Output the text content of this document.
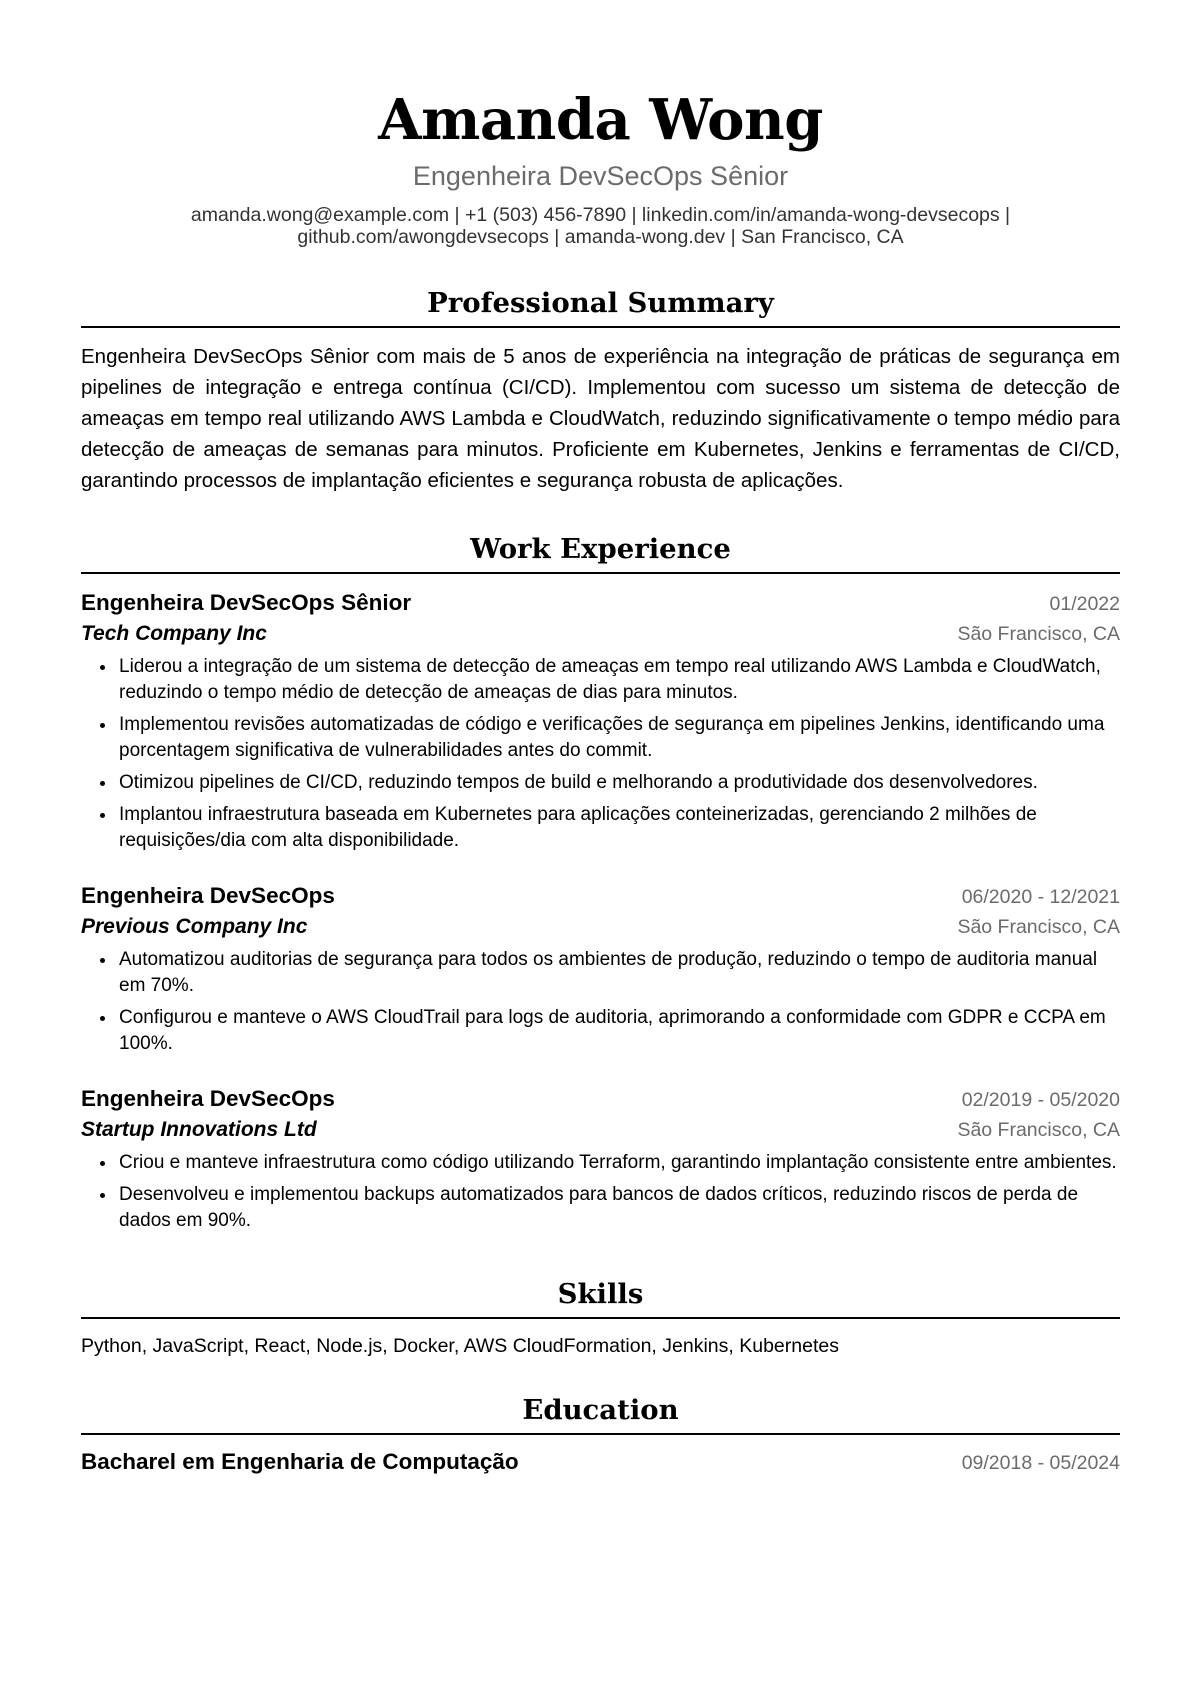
Amanda Wong
Engenheira DevSecOps Sênior
amanda.wong@example.com | +1 (503) 456-7890 | linkedin.com/in/amanda-wong-devsecops |
github.com/awongdevsecops | amanda-wong.dev | San Francisco, CA
Professional Summary
Engenheira DevSecOps Sênior com mais de 5 anos de experiência na integração de práticas de segurança em pipelines de integração e entrega contínua (CI/CD). Implementou com sucesso um sistema de detecção de ameaças em tempo real utilizando AWS Lambda e CloudWatch, reduzindo significativamente o tempo médio para detecção de ameaças de semanas para minutos. Proficiente em Kubernetes, Jenkins e ferramentas de CI/CD, garantindo processos de implantação eficientes e segurança robusta de aplicações.
Work Experience
Engenheira DevSecOps Sênior	01/2022
Tech Company Inc	São Francisco, CA
• Liderou a integração de um sistema de detecção de ameaças em tempo real utilizando AWS Lambda e CloudWatch, reduzindo o tempo médio de detecção de ameaças de dias para minutos.
• Implementou revisões automatizadas de código e verificações de segurança em pipelines Jenkins, identificando uma porcentagem significativa de vulnerabilidades antes do commit.
• Otimizou pipelines de CI/CD, reduzindo tempos de build e melhorando a produtividade dos desenvolvedores.
• Implantou infraestrutura baseada em Kubernetes para aplicações conteinerizadas, gerenciando 2 milhões de requisições/dia com alta disponibilidade.
Engenheira DevSecOps	06/2020 - 12/2021
Previous Company Inc	São Francisco, CA
• Automatizou auditorias de segurança para todos os ambientes de produção, reduzindo o tempo de auditoria manual em 70%.
• Configurou e manteve o AWS CloudTrail para logs de auditoria, aprimorando a conformidade com GDPR e CCPA em 100%.
Engenheira DevSecOps	02/2019 - 05/2020
Startup Innovations Ltd	São Francisco, CA
• Criou e manteve infraestrutura como código utilizando Terraform, garantindo implantação consistente entre ambientes.
• Desenvolveu e implementou backups automatizados para bancos de dados críticos, reduzindo riscos de perda de dados em 90%.
Skills
Python, JavaScript, React, Node.js, Docker, AWS CloudFormation, Jenkins, Kubernetes
Education
Bacharel em Engenharia de Computação	09/2018 - 05/2024
